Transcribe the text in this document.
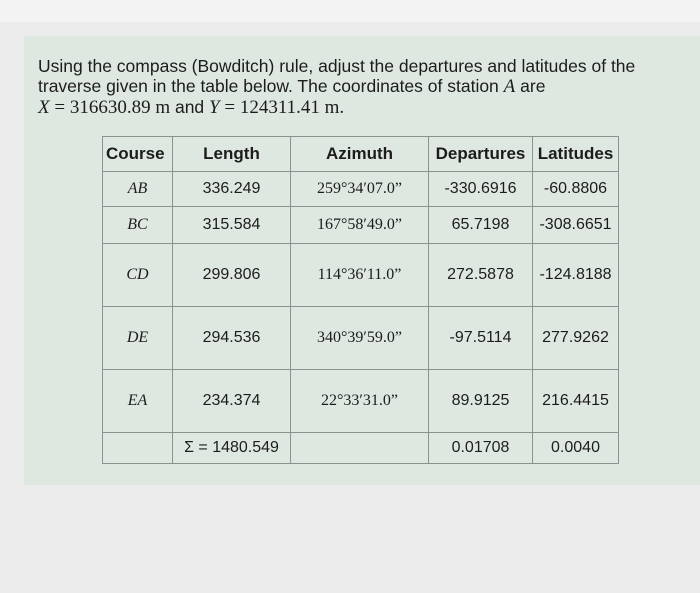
Using the compass (Bowditch) rule, adjust the departures and latitudes of the
traverse given in the table below. The coordinates of station A are
X = 316630.89 m and Y = 124311.41 m.
Course	Length	Azimuth	Departures	Latitudes
AB	336.249	259°34′07.0”	-330.6916	-60.8806
BC	315.584	167°58′49.0”	65.7198	-308.6651
CD	299.806	114°36′11.0”	272.5878	-124.8188
DE	294.536	340°39′59.0”	-97.5114	277.9262
EA	234.374	22°33′31.0”	89.9125	216.4415
	Σ = 1480.549		0.01708	0.0040
